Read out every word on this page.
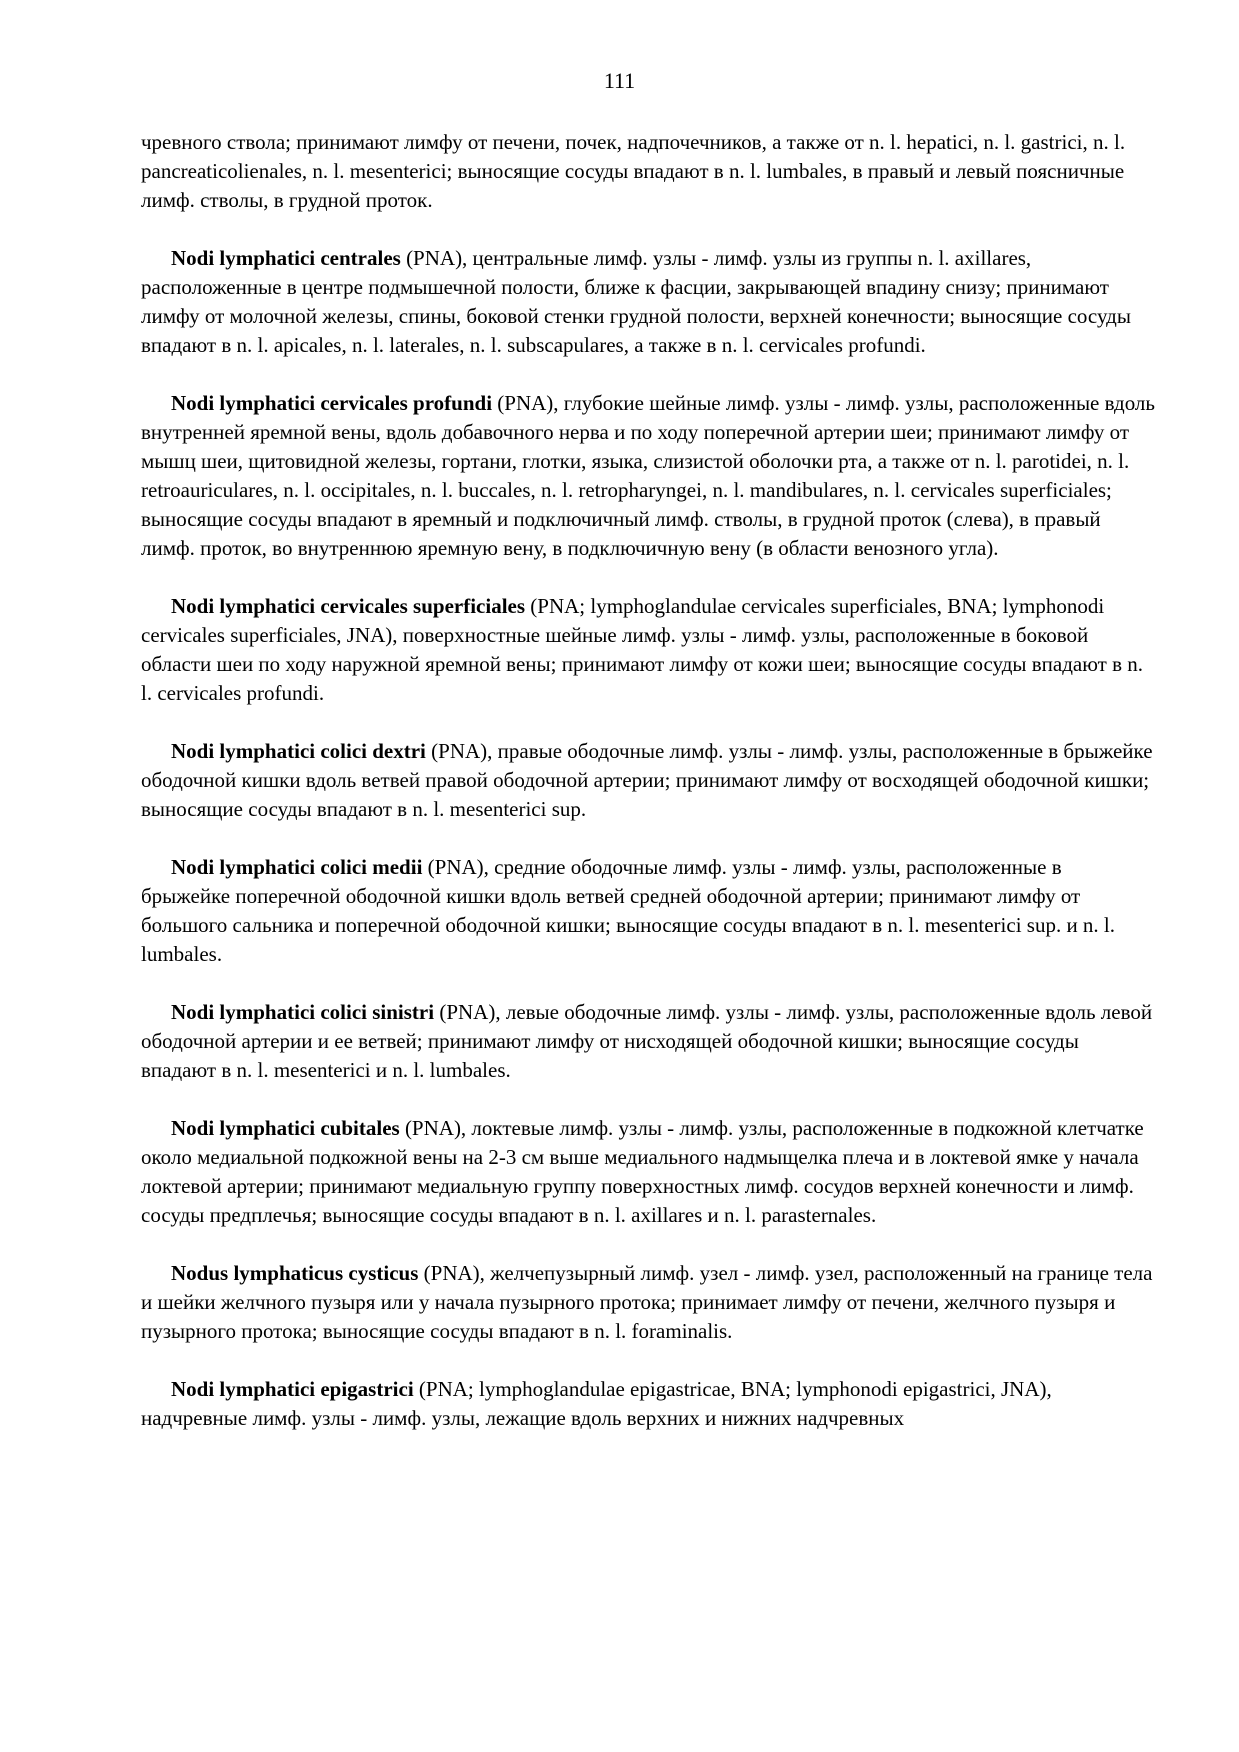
111

чревного ствола; принимают лимфу от печени, почек, надпочечников, а также от n. l. hepatici, n. l. gastrici, n. l. pancreaticolienales, n. l. mesenterici; выносящие сосуды впадают в n. l. lumbales, в правый и левый поясничные лимф. стволы, в грудной проток.

Nodi lymphatici centrales (PNA), центральные лимф. узлы - лимф. узлы из группы n. l. axillares, расположенные в центре подмышечной полости, ближе к фасции, закрывающей впадину снизу; принимают лимфу от молочной железы, спины, боковой стенки грудной полости, верхней конечности; выносящие сосуды впадают в n. l. apicales, n. l. laterales, n. l. subscapulares, а также в n. l. cervicales profundi.

Nodi lymphatici cervicales profundi (PNA), глубокие шейные лимф. узлы - лимф. узлы, расположенные вдоль внутренней яремной вены, вдоль добавочного нерва и по ходу поперечной артерии шеи; принимают лимфу от мышц шеи, щитовидной железы, гортани, глотки, языка, слизистой оболочки рта, а также от n. l. parotidei, n. l. retroauriculares, n. l. occipitales, n. l. buccales, n. l. retropharyngei, n. l. mandibulares, n. l. cervicales superficiales; выносящие сосуды впадают в яремный и подключичный лимф. стволы, в грудной проток (слева), в правый лимф. проток, во внутреннюю яремную вену, в подключичную вену (в области венозного угла).

Nodi lymphatici cervicales superficiales (PNA; lymphoglandulae cervicales superficiales, BNA; lymphonodi cervicales superficiales, JNA), поверхностные шейные лимф. узлы - лимф. узлы, расположенные в боковой области шеи по ходу наружной яремной вены; принимают лимфу от кожи шеи; выносящие сосуды впадают в n. l. cervicales profundi.

Nodi lymphatici colici dextri (PNA), правые ободочные лимф. узлы - лимф. узлы, расположенные в брыжейке ободочной кишки вдоль ветвей правой ободочной артерии; принимают лимфу от восходящей ободочной кишки; выносящие сосуды впадают в n. l. mesenterici sup.

Nodi lymphatici colici medii (PNA), средние ободочные лимф. узлы - лимф. узлы, расположенные в брыжейке поперечной ободочной кишки вдоль ветвей средней ободочной артерии; принимают лимфу от большого сальника и поперечной ободочной кишки; выносящие сосуды впадают в n. l. mesenterici sup. и n. l. lumbales.

Nodi lymphatici colici sinistri (PNA), левые ободочные лимф. узлы - лимф. узлы, расположенные вдоль левой ободочной артерии и ее ветвей; принимают лимфу от нисходящей ободочной кишки; выносящие сосуды впадают в n. l. mesenterici и n. l. lumbales.

Nodi lymphatici cubitales (PNA), локтевые лимф. узлы - лимф. узлы, расположенные в подкожной клетчатке около медиальной подкожной вены на 2-3 см выше медиального надмыщелка плеча и в локтевой ямке у начала локтевой артерии; принимают медиальную группу поверхностных лимф. сосудов верхней конечности и лимф. сосуды предплечья; выносящие сосуды впадают в n. l. axillares и n. l. parasternales.

Nodus lymphaticus cysticus (PNA), желчепузырный лимф. узел - лимф. узел, расположенный на границе тела и шейки желчного пузыря или у начала пузырного протока; принимает лимфу от печени, желчного пузыря и пузырного протока; выносящие сосуды впадают в n. l. foraminalis.

Nodi lymphatici epigastrici (PNA; lymphoglandulae epigastricae, BNA; lymphonodi epigastrici, JNA), надчревные лимф. узлы - лимф. узлы, лежащие вдоль верхних и нижних надчревных
